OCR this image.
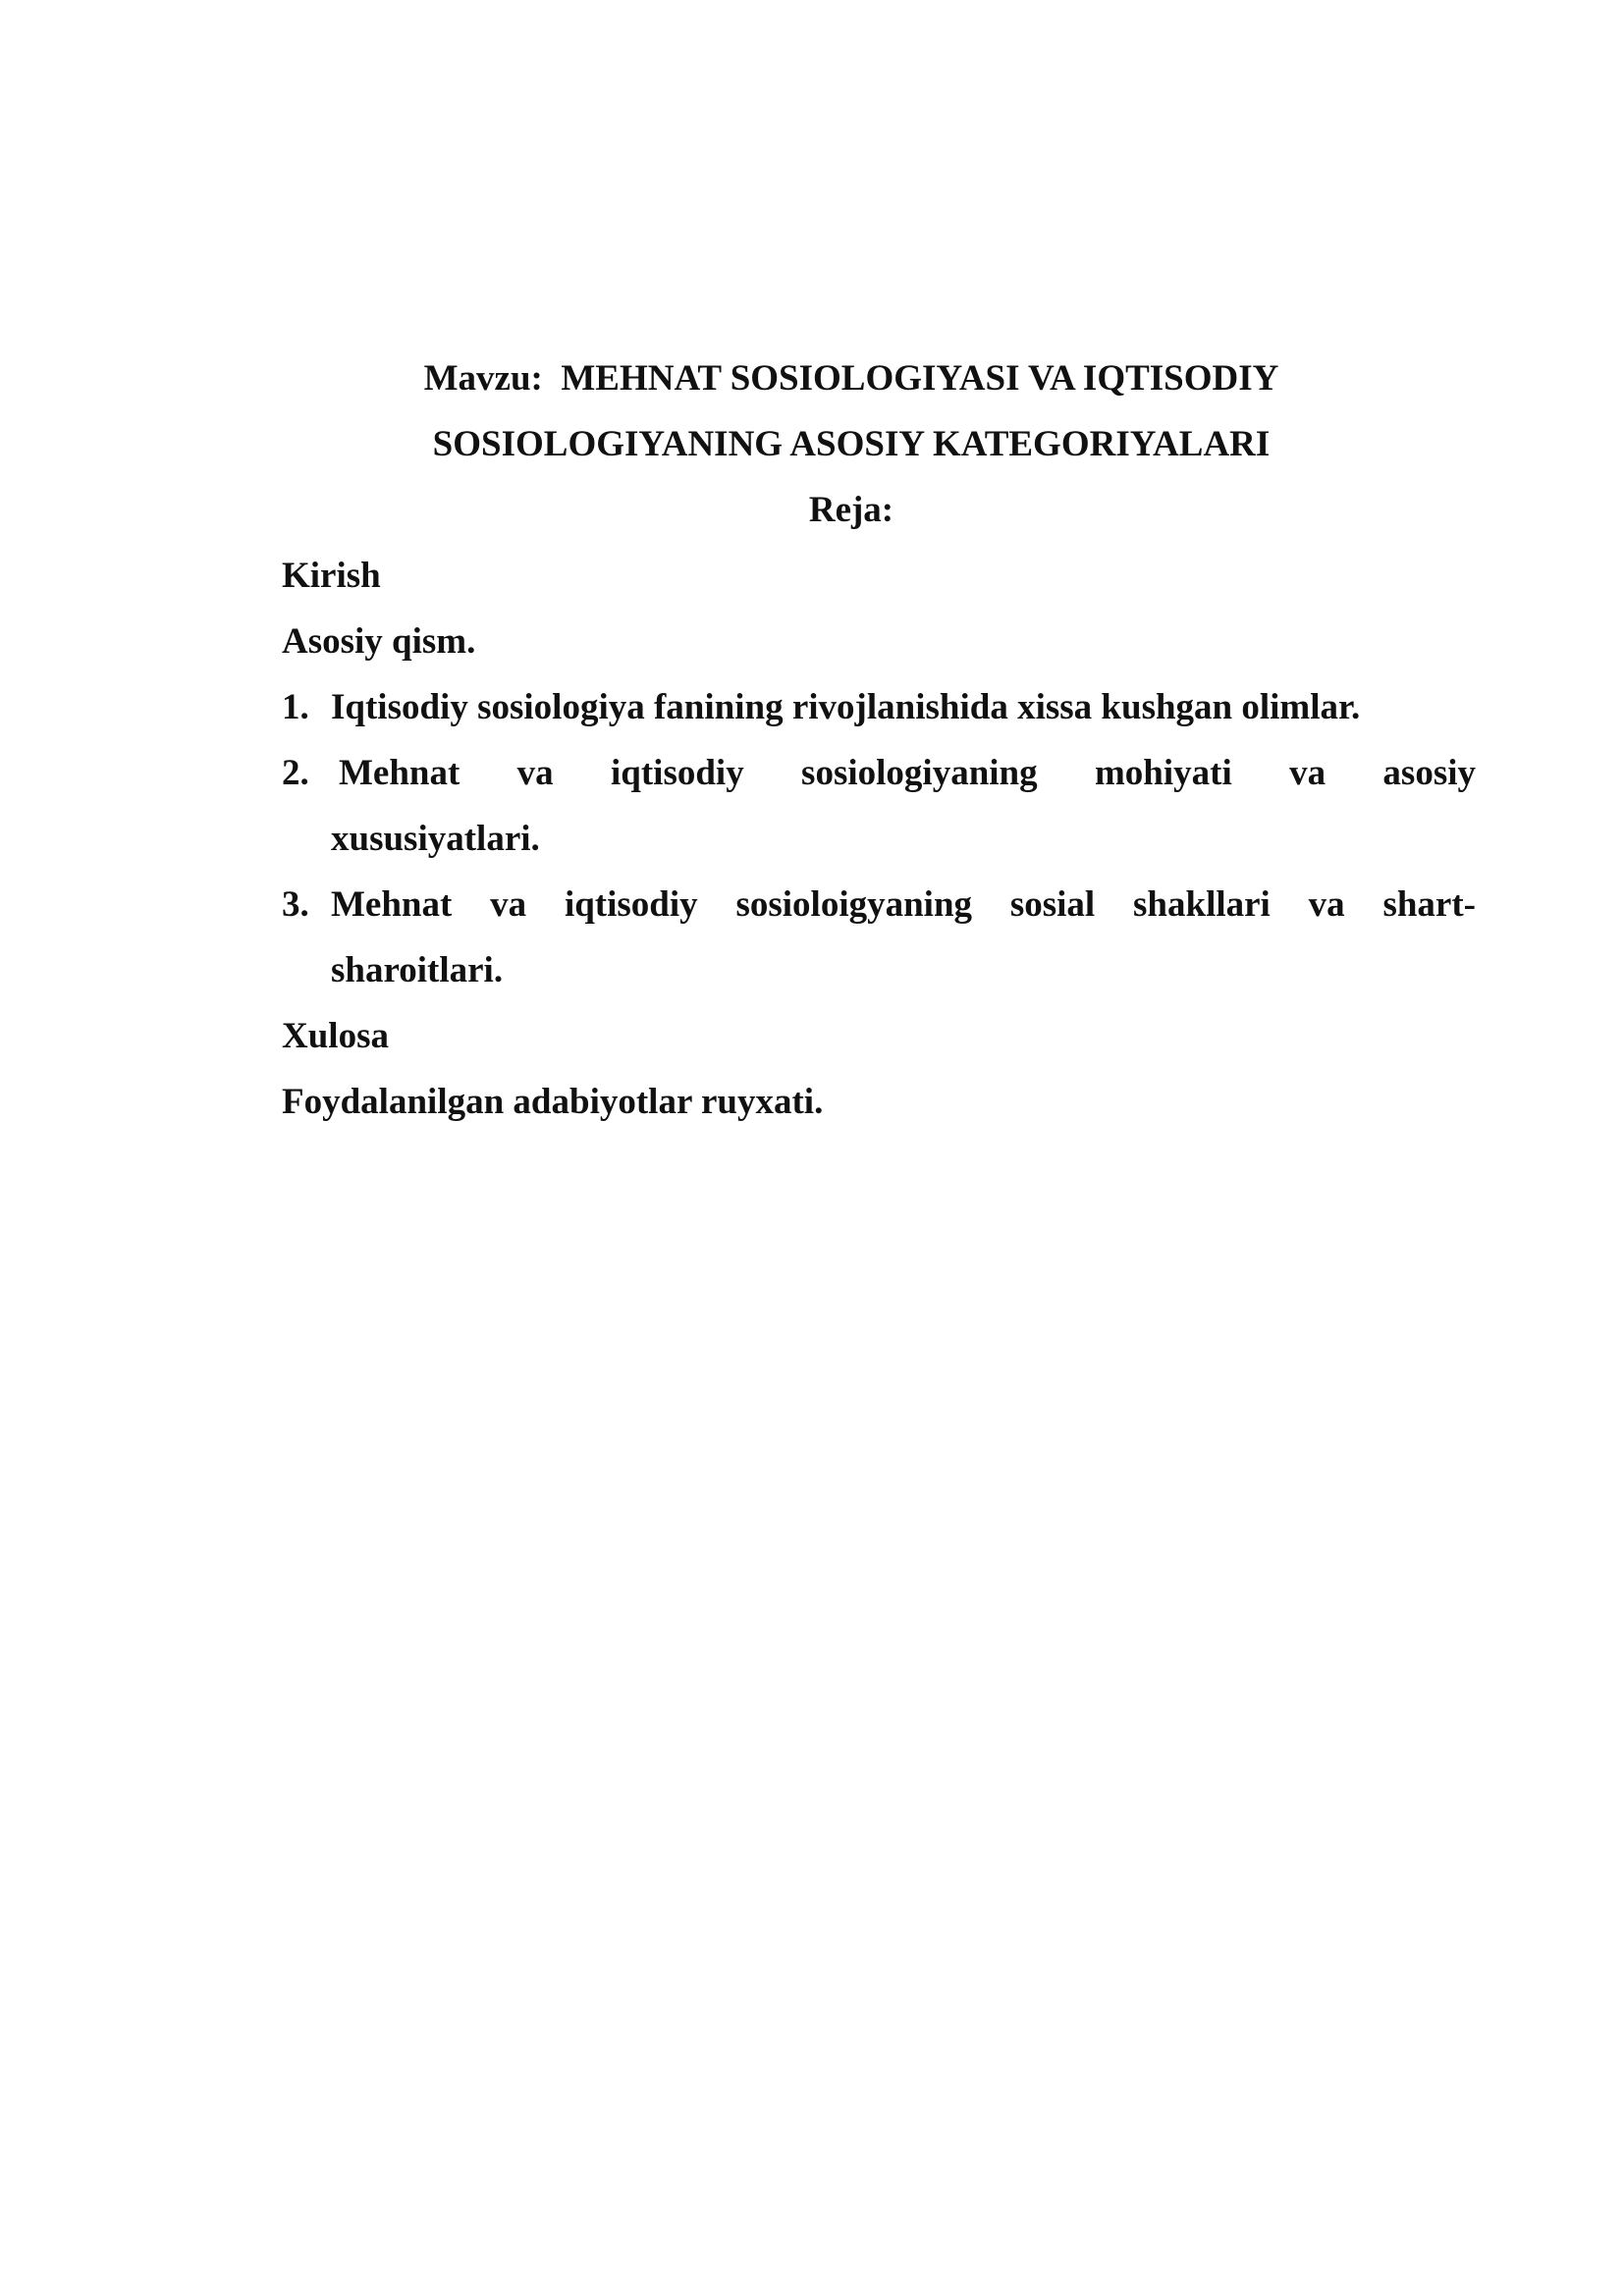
Mavzu: MEHNAT SOSIOLOGIYASI VA IQTISODIY
SOSIOLOGIYANING ASOSIY KATEGORIYALARI
Reja:
Kirish
Asosiy qism.
1. Iqtisodiy sosiologiya fanining rivojlanishida xissa kushgan olimlar.
2. Mehnat va iqtisodiy sosiologiyaning mohiyati va asosiy
xususiyatlari.
3. Mehnat va iqtisodiy sosioloigyaning sosial shakllari va shart-
sharoitlari.
Xulosa
Foydalanilgan adabiyotlar ruyxati.
